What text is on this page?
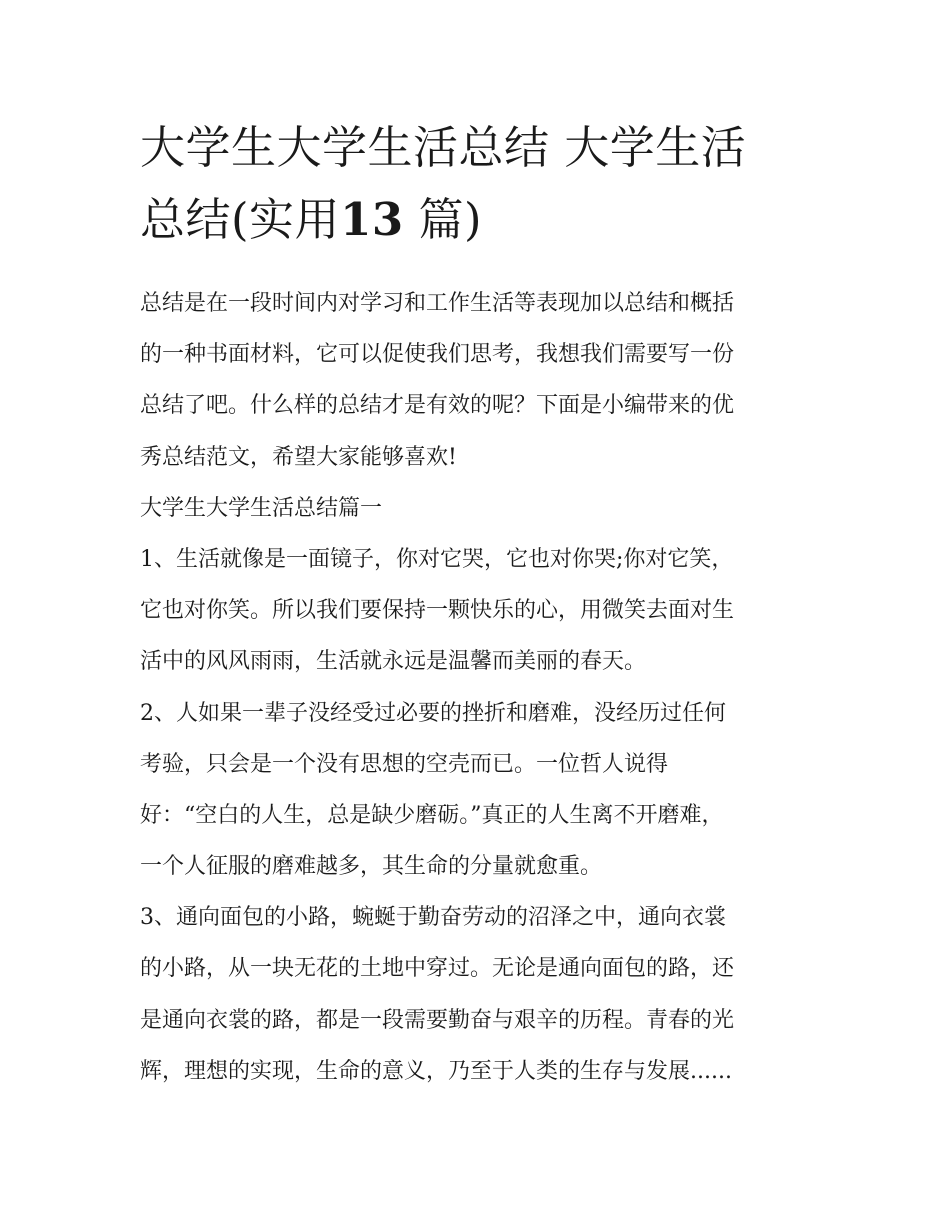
大学生大学生活总结 大学生活
总结(实用13 篇)
总结是在一段时间内对学习和工作生活等表现加以总结和概括
的一种书面材料，它可以促使我们思考，我想我们需要写一份
总结了吧。什么样的总结才是有效的呢？下面是小编带来的优
秀总结范文，希望大家能够喜欢!
大学生大学生活总结篇一
1、生活就像是一面镜子，你对它哭，它也对你哭;你对它笑，
它也对你笑。所以我们要保持一颗快乐的心，用微笑去面对生
活中的风风雨雨，生活就永远是温馨而美丽的春天。
2、人如果一辈子没经受过必要的挫折和磨难，没经历过任何
考验，只会是一个没有思想的空壳而已。一位哲人说得
好：“空白的人生，总是缺少磨砺。”真正的人生离不开磨难，
一个人征服的磨难越多，其生命的分量就愈重。
3、通向面包的小路，蜿蜒于勤奋劳动的沼泽之中，通向衣裳
的小路，从一块无花的土地中穿过。无论是通向面包的路，还
是通向衣裳的路，都是一段需要勤奋与艰辛的历程。青春的光
辉，理想的实现，生命的意义，乃至于人类的生存与发展......
